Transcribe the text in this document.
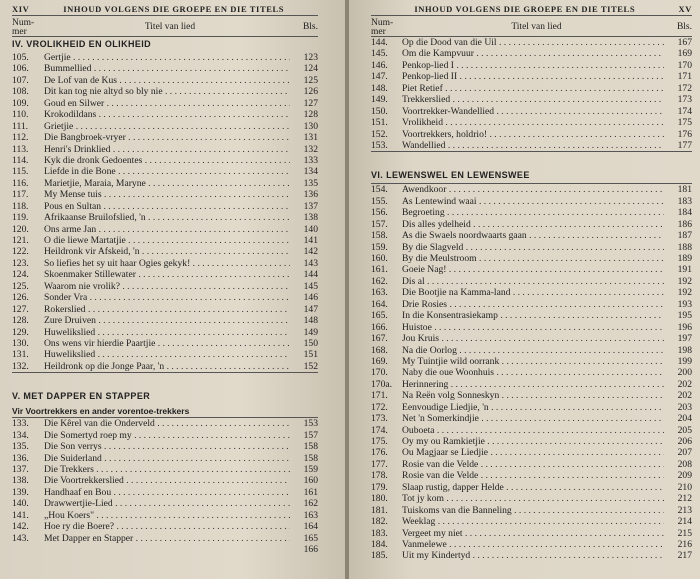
XIV	INHOUD VOLGENS DIE GROEPE EN DIE TITELS
Num-
mer	Titel van lied	Bls.
IV. VROLIKHEID EN OLIKHEID
105.	Gertjie . . .	123
106.	Bummellied . . .	124
107.	De Lof van de Kus . . .	125
108.	Dit kan tog nie altyd so bly nie . . .	126
109.	Goud en Silwer . . .	127
110.	Krokodildans . . .	128
111.	Grietjie . . .	130
112.	Die Bangbroek-vryer . . .	131
113.	Henri's Drinklied . . .	132
114.	Kyk die dronk Gedoentes . . .	133
115.	Liefde in die Bone . . .	134
116.	Marietjie, Maraia, Maryne . . .	135
117.	My Mense tuis . . .	136
118.	Pous en Sultan . . .	137
119.	Afrikaanse Bruilofslied, 'n . . .	138
120.	Ons arme Jan . . .	140
121.	O die liewe Martatjie . . .	141
122.	Heildronk vir Afskeid, 'n . . .	142
123.	So liefies het sy uit haar Ogies gekyk! . . .	143
124.	Skoenmaker Stillewater . . .	144
125.	Waarom nie vrolik? . . .	145
126.	Sonder Vra . . .	146
127.	Rokerslied . . .	147
128.	Zure Druiven . . .	148
129.	Huwelikslied . . .	149
130.	Ons wens vir hierdie Paartjie . . .	150
131.	Huwelikslied . . .	151
132.	Heildronk op die Jonge Paar, 'n . . .	152
V. MET DAPPER EN STAPPER
Vir Voortrekkers en ander vorentoe-trekkers
133.	Die Kêrel van die Onderveld . . .	153
134.	Die Somertyd roep my . . .	157
135.	Die Son verrys . . .	158
136.	Die Suiderland . . .	158
137.	Die Trekkers . . .	159
138.	Die Voortrekkerslied . . .	160
139.	Handhaaf en Bou . . .	161
140.	Drawwertjie-Lied . . .	162
141.	„Hou Koers" . . .	163
142.	Hoe ry die Boere? . . .	164
143.	Met Dapper en Stapper . . .	165
166
INHOUD VOLGENS DIE GROEPE EN DIE TITELS	XV
Num-
mer	Titel van lied	Bls.
144.	Op die Dood van die Uil . . .	167
145.	Om die Kampvuur . . .	169
146.	Penkop-lied I . . .	170
147.	Penkop-lied II . . .	171
148.	Piet Retief . . .	172
149.	Trekkerslied . . .	173
150.	Voortrekker-Wandellied . . .	174
151.	Vrolikheid . . .	175
152.	Voortrekkers, holdrio! . . .	176
153.	Wandellied . . .	177
VI. LEWENSWEL EN LEWENSWEE
154.	Awendkoor . . .	181
155.	As Lentewind waai . . .	183
156.	Begroeting . . .	184
157.	Dis alles ydelheid . . .	186
158.	As die Swaels noordwaarts gaan . . .	187
159.	By die Slagveld . . .	188
160.	By die Meulstroom . . .	189
161.	Goeie Nag! . . .	191
162.	Dis al . . .	192
163.	Die Bootjie na Kamma-land . . .	192
164.	Drie Rosies . . .	193
165.	In die Konsentrasiekamp . . .	195
166.	Huistoe . . .	196
167.	Jou Kruis . . .	197
168.	Na die Oorlog . . .	198
169.	My Tuintjie wild oorrank . . .	199
170.	Naby die oue Woonhuis . . .	200
170a.	Herinnering . . .	202
171.	Na Reën volg Sonneskyn . . .	202
172.	Eenvoudige Liedjie, 'n . . .	203
173.	Net 'n Somerkindjie . . .	204
174.	Ouboeta . . .	205
175.	Oy my ou Ramkietjie . . .	206
176.	Ou Magjaar se Liedjie . . .	207
177.	Rosie van die Velde . . .	208
178.	Rosie van die Velde . . .	209
179.	Slaap rustig, dapper Helde . . .	210
180.	Tot jy kom . . .	212
181.	Tuiskoms van die Banneling . . .	213
182.	Weeklag . . .	214
183.	Vergeet my niet . . .	215
184.	Vanmelewe . . .	216
185.	Uit my Kindertyd . . .	217
